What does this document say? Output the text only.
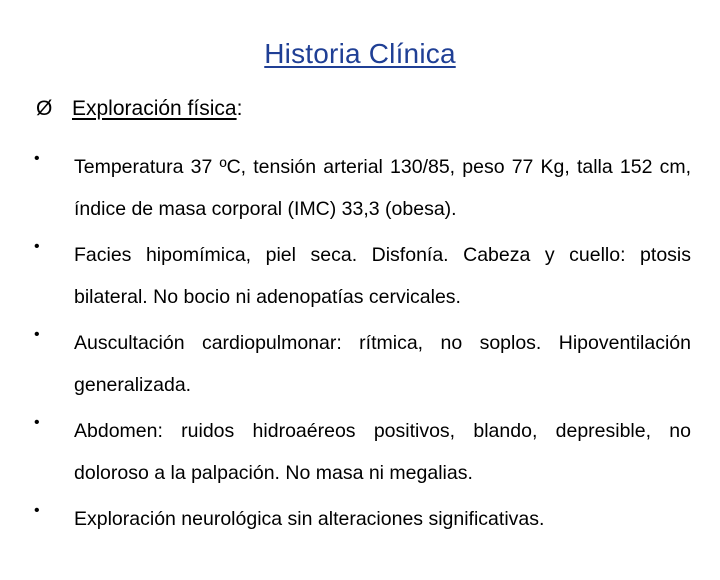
Historia Clínica
Ø Exploración física:
• Temperatura 37 ºC, tensión arterial 130/85, peso 77 Kg, talla 152 cm, índice de masa corporal (IMC) 33,3 (obesa).
• Facies hipomímica, piel seca. Disfonía. Cabeza y cuello: ptosis bilateral. No bocio ni adenopatías cervicales.
• Auscultación cardiopulmonar: rítmica, no soplos. Hipoventilación generalizada.
• Abdomen: ruidos hidroaéreos positivos, blando, depresible, no doloroso a la palpación. No masa ni megalias.
• Exploración neurológica sin alteraciones significativas.
